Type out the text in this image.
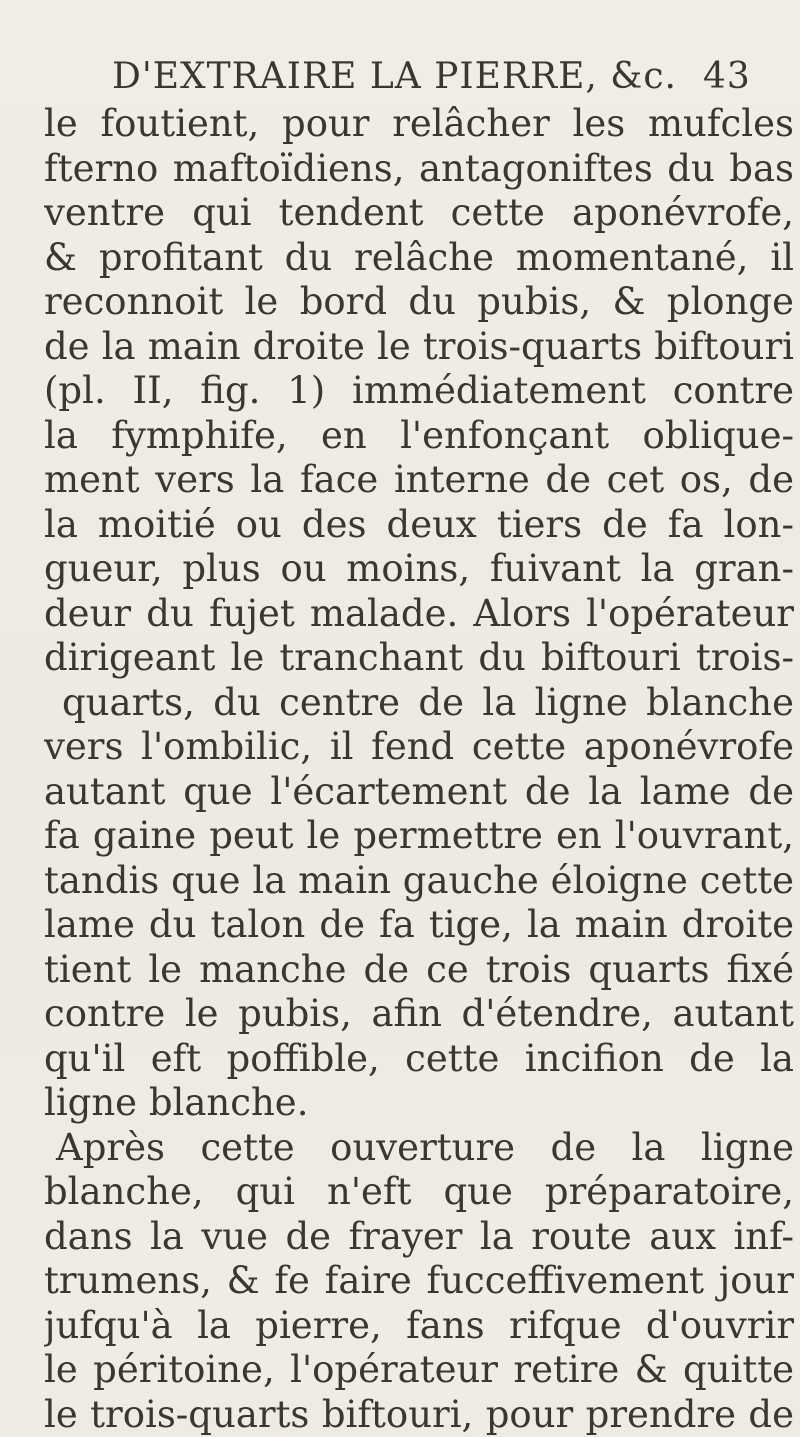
D'EXTRAIRE LA PIERRE, &c. 43
le foutient, pour relâcher les mufcles
fterno maftoïdiens, antagoniftes du bas
ventre qui tendent cette aponévrofe,
& profitant du relâche momentané, il
reconnoit le bord du pubis, & plonge
de la main droite le trois-quarts biftouri
(pl. II, fig. 1) immédiatement contre
la fymphife, en l'enfonçant oblique-
ment vers la face interne de cet os, de
la moitié ou des deux tiers de fa lon-
gueur, plus ou moins, fuivant la gran-
deur du fujet malade. Alors l'opérateur
dirigeant le tranchant du biftouri trois-
quarts, du centre de la ligne blanche
vers l'ombilic, il fend cette aponévrofe
autant que l'écartement de la lame de
fa gaine peut le permettre en l'ouvrant,
tandis que la main gauche éloigne cette
lame du talon de fa tige, la main droite
tient le manche de ce trois quarts fixé
contre le pubis, afin d'étendre, autant
qu'il eft poffible, cette incifion de la
ligne blanche.
Après cette ouverture de la ligne
blanche, qui n'eft que préparatoire,
dans la vue de frayer la route aux inf-
trumens, & fe faire fucceffivement jour
jufqu'à la pierre, fans rifque d'ouvrir
le péritoine, l'opérateur retire & quitte
le trois-quarts biftouri, pour prendre de
